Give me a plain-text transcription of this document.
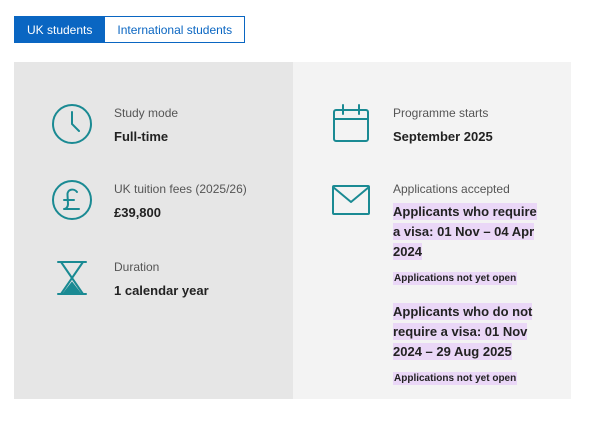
UK students	International students
Study mode
Full-time
UK tuition fees (2025/26)
£39,800
Duration
1 calendar year
Programme starts
September 2025
Applications accepted
Applicants who require a visa: 01 Nov – 04 Apr 2024
Applications not yet open
Applicants who do not require a visa: 01 Nov 2024 – 29 Aug 2025
Applications not yet open
